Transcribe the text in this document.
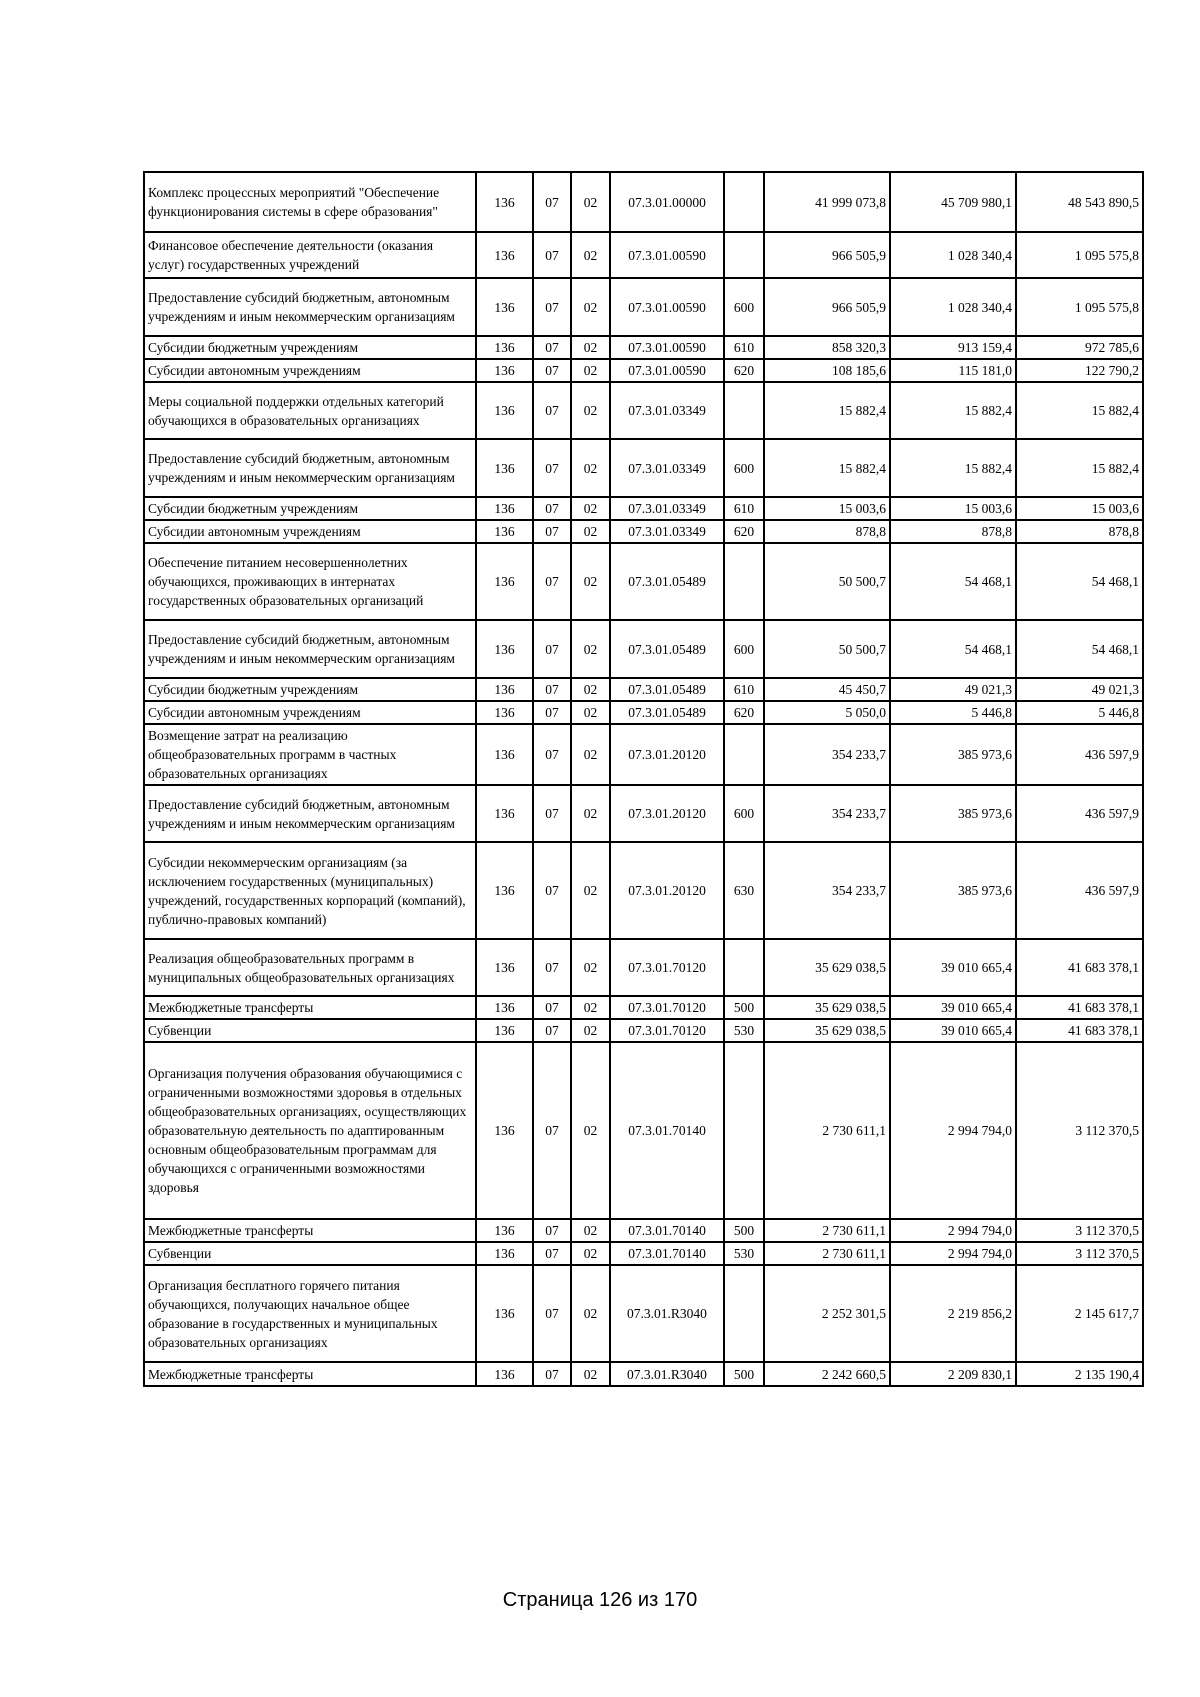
Комплекс процессных мероприятий "Обеспечение функционирования системы в сфере образования"	136	07	02	07.3.01.00000		41 999 073,8	45 709 980,1	48 543 890,5
Финансовое обеспечение деятельности (оказания услуг) государственных учреждений	136	07	02	07.3.01.00590		966 505,9	1 028 340,4	1 095 575,8
Предоставление субсидий бюджетным, автономным учреждениям и иным некоммерческим организациям	136	07	02	07.3.01.00590	600	966 505,9	1 028 340,4	1 095 575,8
Субсидии бюджетным учреждениям	136	07	02	07.3.01.00590	610	858 320,3	913 159,4	972 785,6
Субсидии автономным учреждениям	136	07	02	07.3.01.00590	620	108 185,6	115 181,0	122 790,2
Меры социальной поддержки отдельных категорий обучающихся в образовательных организациях	136	07	02	07.3.01.03349		15 882,4	15 882,4	15 882,4
Предоставление субсидий бюджетным, автономным учреждениям и иным некоммерческим организациям	136	07	02	07.3.01.03349	600	15 882,4	15 882,4	15 882,4
Субсидии бюджетным учреждениям	136	07	02	07.3.01.03349	610	15 003,6	15 003,6	15 003,6
Субсидии автономным учреждениям	136	07	02	07.3.01.03349	620	878,8	878,8	878,8
Обеспечение питанием несовершеннолетних обучающихся, проживающих в интернатах государственных образовательных организаций	136	07	02	07.3.01.05489		50 500,7	54 468,1	54 468,1
Предоставление субсидий бюджетным, автономным учреждениям и иным некоммерческим организациям	136	07	02	07.3.01.05489	600	50 500,7	54 468,1	54 468,1
Субсидии бюджетным учреждениям	136	07	02	07.3.01.05489	610	45 450,7	49 021,3	49 021,3
Субсидии автономным учреждениям	136	07	02	07.3.01.05489	620	5 050,0	5 446,8	5 446,8
Возмещение затрат на реализацию общеобразовательных программ в частных образовательных организациях	136	07	02	07.3.01.20120		354 233,7	385 973,6	436 597,9
Предоставление субсидий бюджетным, автономным учреждениям и иным некоммерческим организациям	136	07	02	07.3.01.20120	600	354 233,7	385 973,6	436 597,9
Субсидии некоммерческим организациям (за исключением государственных (муниципальных) учреждений, государственных корпораций (компаний), публично-правовых компаний)	136	07	02	07.3.01.20120	630	354 233,7	385 973,6	436 597,9
Реализация общеобразовательных программ в муниципальных общеобразовательных организациях	136	07	02	07.3.01.70120		35 629 038,5	39 010 665,4	41 683 378,1
Межбюджетные трансферты	136	07	02	07.3.01.70120	500	35 629 038,5	39 010 665,4	41 683 378,1
Субвенции	136	07	02	07.3.01.70120	530	35 629 038,5	39 010 665,4	41 683 378,1
Организация получения образования обучающимися с ограниченными возможностями здоровья в отдельных общеобразовательных организациях, осуществляющих образовательную деятельность по адаптированным основным общеобразовательным программам для обучающихся с ограниченными возможностями здоровья	136	07	02	07.3.01.70140		2 730 611,1	2 994 794,0	3 112 370,5
Межбюджетные трансферты	136	07	02	07.3.01.70140	500	2 730 611,1	2 994 794,0	3 112 370,5
Субвенции	136	07	02	07.3.01.70140	530	2 730 611,1	2 994 794,0	3 112 370,5
Организация бесплатного горячего питания обучающихся, получающих начальное общее образование в государственных и муниципальных образовательных организациях	136	07	02	07.3.01.R3040		2 252 301,5	2 219 856,2	2 145 617,7
Межбюджетные трансферты	136	07	02	07.3.01.R3040	500	2 242 660,5	2 209 830,1	2 135 190,4
Страница 126 из 170
